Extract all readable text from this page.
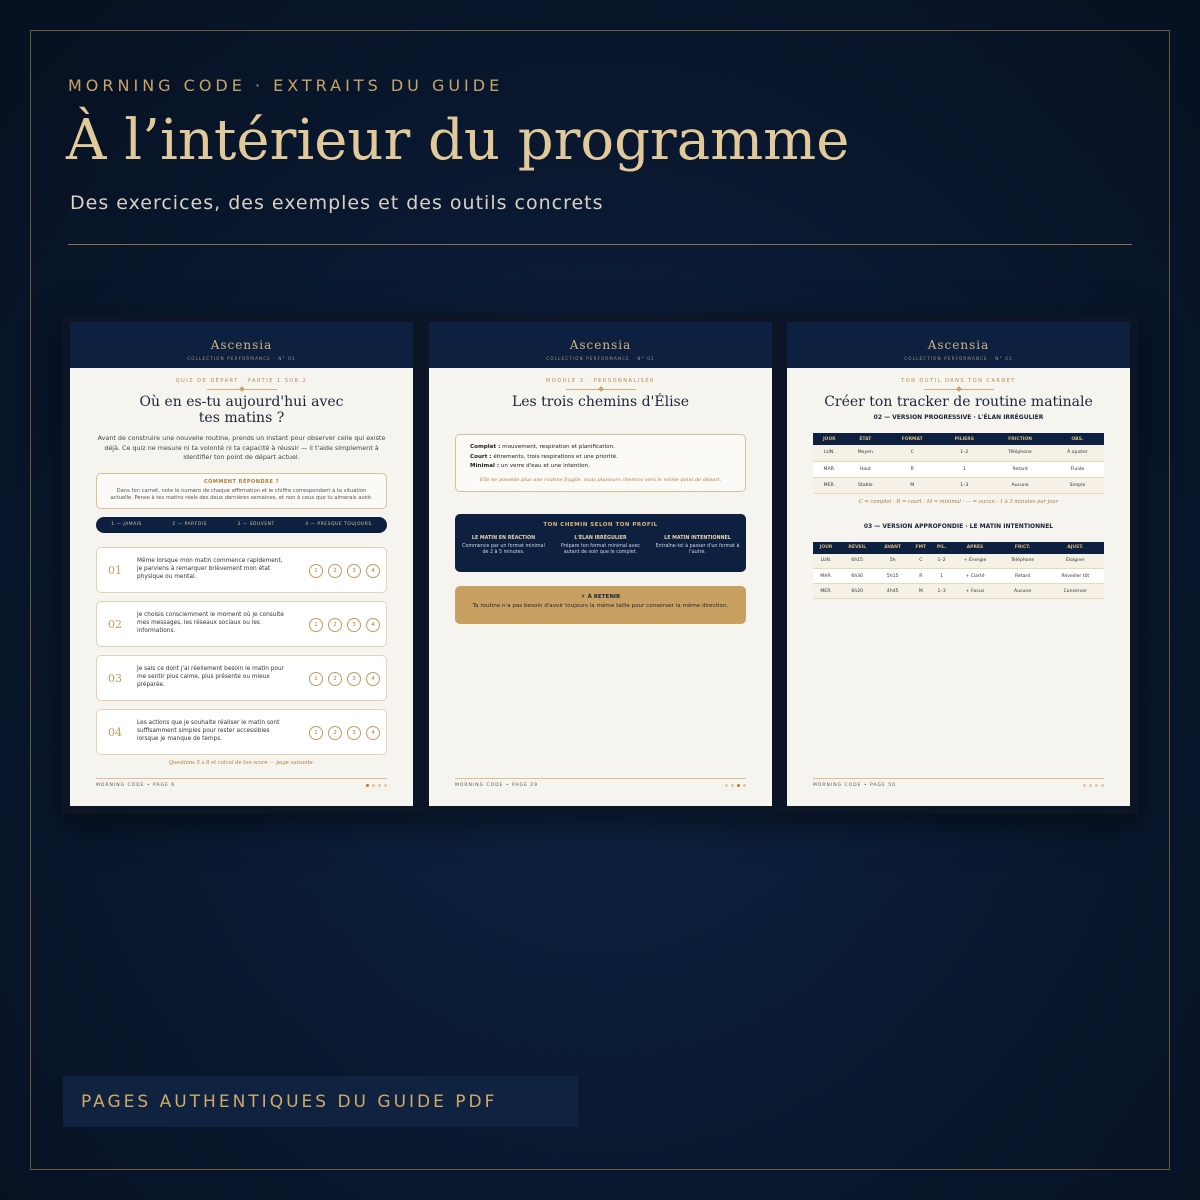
MORNING CODE · EXTRAITS DU GUIDE
À l’intérieur du programme
Des exercices, des exemples et des outils concrets
Ascensia
COLLECTION PERFORMANCE · N° 01
QUIZ DE DÉPART · PARTIE 1 SUR 2
Où en es-tu aujourd'hui avec tes matins ?
Avant de construire une nouvelle routine, prends un instant pour observer celle qui existe déjà. Ce quiz ne mesure ni ta volonté ni ta capacité à réussir — il t'aide simplement à identifier ton point de départ actuel.
COMMENT RÉPONDRE ?
Dans ton carnet, note le numéro de chaque affirmation et le chiffre correspondant à ta situation actuelle. Pense à tes matins réels des deux dernières semaines, et non à ceux que tu aimerais avoir.
1 — JAMAIS	2 — PARFOIS	3 — SOUVENT	4 — PRESQUE TOUJOURS
01
Même lorsque mon matin commence rapidement, je parviens à remarquer brièvement mon état physique ou mental.
1	2	3	4
02
Je choisis consciemment le moment où je consulte mes messages, les réseaux sociaux ou les informations.
1	2	3	4
03
Je sais ce dont j'ai réellement besoin le matin pour me sentir plus calme, plus présente ou mieux préparée.
1	2	3	4
04
Les actions que je souhaite réaliser le matin sont suffisamment simples pour rester accessibles lorsque je manque de temps.
1	2	3	4
Questions 5 à 8 et calcul de ton score — page suivante.
MORNING CODE • PAGE 6
Ascensia
COLLECTION PERFORMANCE · N° 01
MODULE 3 · PERSONNALISER
Les trois chemins d'Élise
Complet : mouvement, respiration et planification.
Court : étirements, trois respirations et une priorité.
Minimal : un verre d'eau et une intention.
Elle ne possède plus une routine fragile, mais plusieurs chemins vers le même point de départ.
TON CHEMIN SELON TON PROFIL
LE MATIN EN RÉACTION
Commence par un format minimal de 2 à 5 minutes.
L'ÉLAN IRRÉGULIER
Prépare ton format minimal avec autant de soin que le complet.
LE MATIN INTENTIONNEL
Entraîne-toi à passer d'un format à l'autre.
☀ À RETENIR
Ta routine n'a pas besoin d'avoir toujours la même taille pour conserver la même direction.
MORNING CODE • PAGE 29
Ascensia
COLLECTION PERFORMANCE · N° 01
TON OUTIL DANS TON CARNET
Créer ton tracker de routine matinale
02 — VERSION PROGRESSIVE · L'ÉLAN IRRÉGULIER
JOUR	ÉTAT	FORMAT	PILIERS	FRICTION	OBS.
LUN.	Moyen	C	1–2	Téléphone	À ajuster
MAR.	Haut	R	1	Retard	Fluide
MER.	Stable	M	1–3	Aucune	Simple
C = complet · R = court · M = minimal · — = aucun · 1 à 3 minutes par jour
03 — VERSION APPROFONDIE · LE MATIN INTENTIONNEL
JOUR	RÉVEIL	AVANT	FMT	PIL.	APRÈS	FRICT.	AJUST.
LUN.	6h15	5h	C	1–2	+ Énergie	Téléphone	Éloigner
MAR.	6h30	5h15	R	1	+ Clarté	Retard	Réveiller tôt
MER.	6h20	4h45	M	1–3	+ Focus	Aucune	Conserver
MORNING CODE • PAGE 50
PAGES AUTHENTIQUES DU GUIDE PDF
